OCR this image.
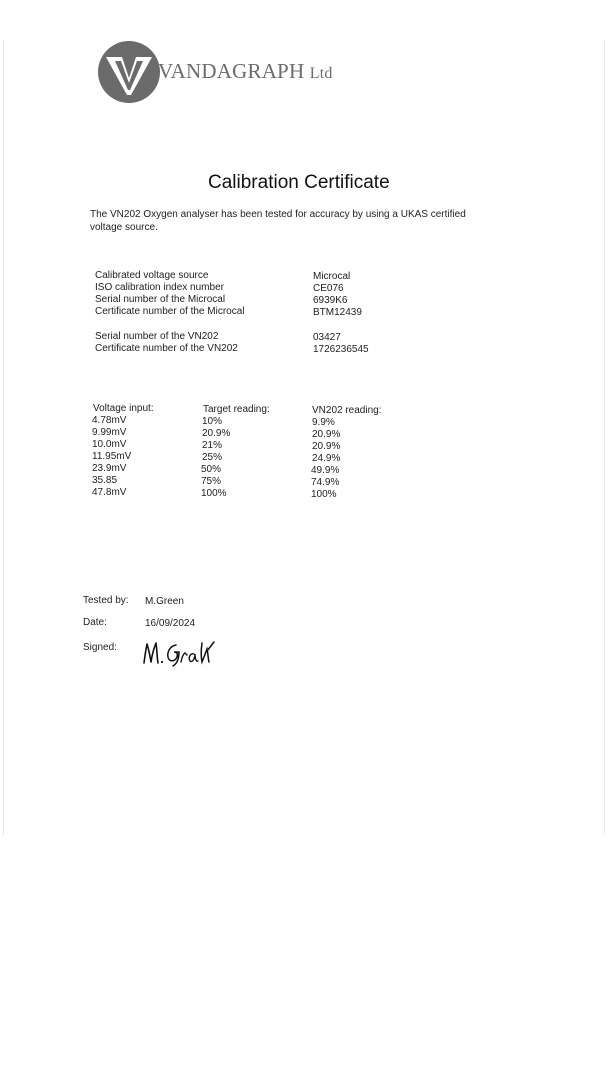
VANDAGRAPH Ltd
Calibration Certificate
The VN202 Oxygen analyser has been tested for accuracy by using a UKAS certified
voltage source.
Calibrated voltage source	Microcal
ISO calibration index number	CE076
Serial number of the Microcal	6939K6
Certificate number of the Microcal	BTM12439
Serial number of the VN202	03427
Certificate number of the VN202	1726236545
Voltage input:	Target reading:	VN202 reading:
4.78mV	10%	9.9%
9.99mV	20.9%	20.9%
10.0mV	21%	20.9%
11.95mV	25%	24.9%
23.9mV	50%	49.9%
35.85	75%	74.9%
47.8mV	100%	100%
Tested by: M.Green
Date:	16/09/2024
Signed:
